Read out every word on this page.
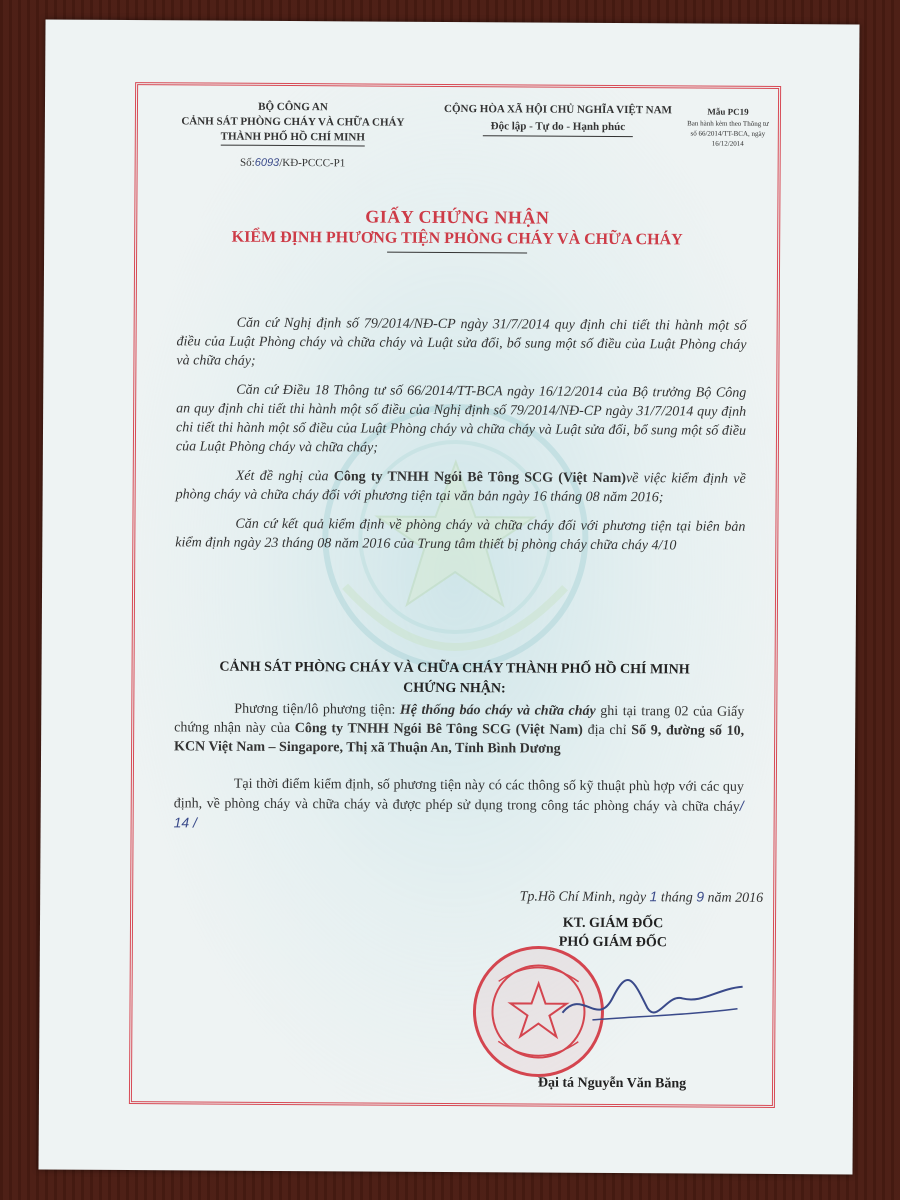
BỘ CÔNG AN
CẢNH SÁT PHÒNG CHÁY VÀ CHỮA CHÁY
THÀNH PHỐ HỒ CHÍ MINH
Số:6093/KĐ-PCCC-P1
CỘNG HÒA XÃ HỘI CHỦ NGHĨA VIỆT NAM
Độc lập - Tự do - Hạnh phúc
Mẫu PC19
Ban hành kèm theo Thông tư số 66/2014/TT-BCA, ngày 16/12/2014
GIẤY CHỨNG NHẬN
KIỂM ĐỊNH PHƯƠNG TIỆN PHÒNG CHÁY VÀ CHỮA CHÁY

Căn cứ Nghị định số 79/2014/NĐ-CP ngày 31/7/2014 quy định chi tiết thi hành một số điều của Luật Phòng cháy và chữa cháy và Luật sửa đổi, bổ sung một số điều của Luật Phòng cháy và chữa cháy;

Căn cứ Điều 18 Thông tư số 66/2014/TT-BCA ngày 16/12/2014 của Bộ trưởng Bộ Công an quy định chi tiết thi hành một số điều của Nghị định số 79/2014/NĐ-CP ngày 31/7/2014 quy định chi tiết thi hành một số điều của Luật Phòng cháy và chữa cháy và Luật sửa đổi, bổ sung một số điều của Luật Phòng cháy và chữa cháy;

Xét đề nghị của Công ty TNHH Ngói Bê Tông SCG (Việt Nam)về việc kiểm định về phòng cháy và chữa cháy đối với phương tiện tại văn bản ngày 16 tháng 08 năm 2016;

Căn cứ kết quả kiểm định về phòng cháy và chữa cháy đối với phương tiện tại biên bản kiểm định ngày 23 tháng 08 năm 2016 của Trung tâm thiết bị phòng cháy chữa cháy 4/10

CẢNH SÁT PHÒNG CHÁY VÀ CHỮA CHÁY THÀNH PHỐ HỒ CHÍ MINH
CHỨNG NHẬN:

Phương tiện/lô phương tiện: Hệ thống báo cháy và chữa cháy ghi tại trang 02 của Giấy chứng nhận này của Công ty TNHH Ngói Bê Tông SCG (Việt Nam) địa chỉ Số 9, đường số 10, KCN Việt Nam – Singapore, Thị xã Thuận An, Tỉnh Bình Dương

Tại thời điểm kiểm định, số phương tiện này có các thông số kỹ thuật phù hợp với các quy định, về phòng cháy và chữa cháy và được phép sử dụng trong công tác phòng cháy và chữa cháy/ 14 /

Tp.Hồ Chí Minh, ngày 1 tháng 9 năm 2016
KT. GIÁM ĐỐC
PHÓ GIÁM ĐỐC
Đại tá Nguyễn Văn Băng
